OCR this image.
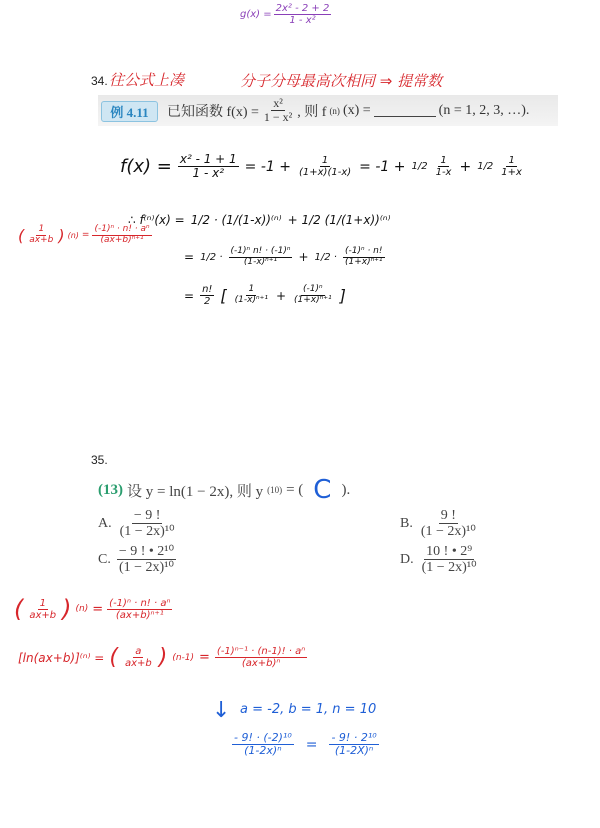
$g(x) = \frac{\text{2x² - 2 + 2}}{\text{1 - x²}}$
34. 往公式上凑	分子分母最高次相同 ⇒ 提常数
例 4.11	已知函数 $f(x) = \frac{\text{x²}}{\text{1 − x²}}$ , 则 f (n) (x) =	(n = 1, 2, 3, …).
$f(x) = \frac{\text{x² - 1 + 1}}{\text{1 - x²}} = -1 + \frac{1}{(1+x)(1-x)} = -1 + 1/2 \frac{1}{1-x} + 1/2 \frac{1}{1+x}$
( $\frac{1}{ax+b}$ ) $(n) = \frac{\text{(-1)ⁿ · n! · aⁿ}}{\text{(ax+b)ⁿ⁺¹}}$
∴ f⁽ⁿ⁾(x) = 1/2 · (1/(1-x))⁽ⁿ⁾ + 1/2 (1/(1+x))⁽ⁿ⁾
= $1/2 \cdot \frac{\text{(-1)ⁿ n! · (-1)ⁿ}}{\text{(1-x)ⁿ⁺¹}} + 1/2 \cdot \frac{\text{(-1)ⁿ · n!}}{\text{(1+x)ⁿ⁺¹}}$
= $\frac{n!}{2}$ [ $\frac{1}{\text{(1-x)ⁿ⁺¹}} + \frac{\text{(-1)ⁿ}}{\text{(1+x)ⁿ⁺¹}}$ ]
35.
(13) 设 y = ln(1 − 2x), 则 y (10) = ( C ).
A. $\frac{- 9 !}{\text{(1 − 2x)¹⁰}}$	B. $\frac{9 !}{\text{(1 − 2x)¹⁰}}$
C. $\frac{\text{− 9 ! • 2¹⁰}}{\text{(1 − 2x)¹⁰}}$	D. $\frac{\text{10 ! • 2⁹}}{\text{(1 − 2x)¹⁰}}$
( $\frac{1}{ax+b}$ ) $(n) = \frac{\text{(-1)ⁿ · n! · aⁿ}}{\text{(ax+b)ⁿ⁺¹}}$
[ln(ax+b)]⁽ⁿ⁾ = ( $\frac{a}{ax+b}$ ) $(n-1) = \frac{\text{(-1)ⁿ⁻¹ · (n-1)! · aⁿ}}{\text{(ax+b)ⁿ}}$
↓ a = -2, b = 1, n = 10
$\frac{\text{- 9! · (-2)¹⁰}}{\text{(1-2x)ⁿ}} = \frac{\text{- 9! · 2¹⁰}}{\text{(1-2X)ⁿ}}$
